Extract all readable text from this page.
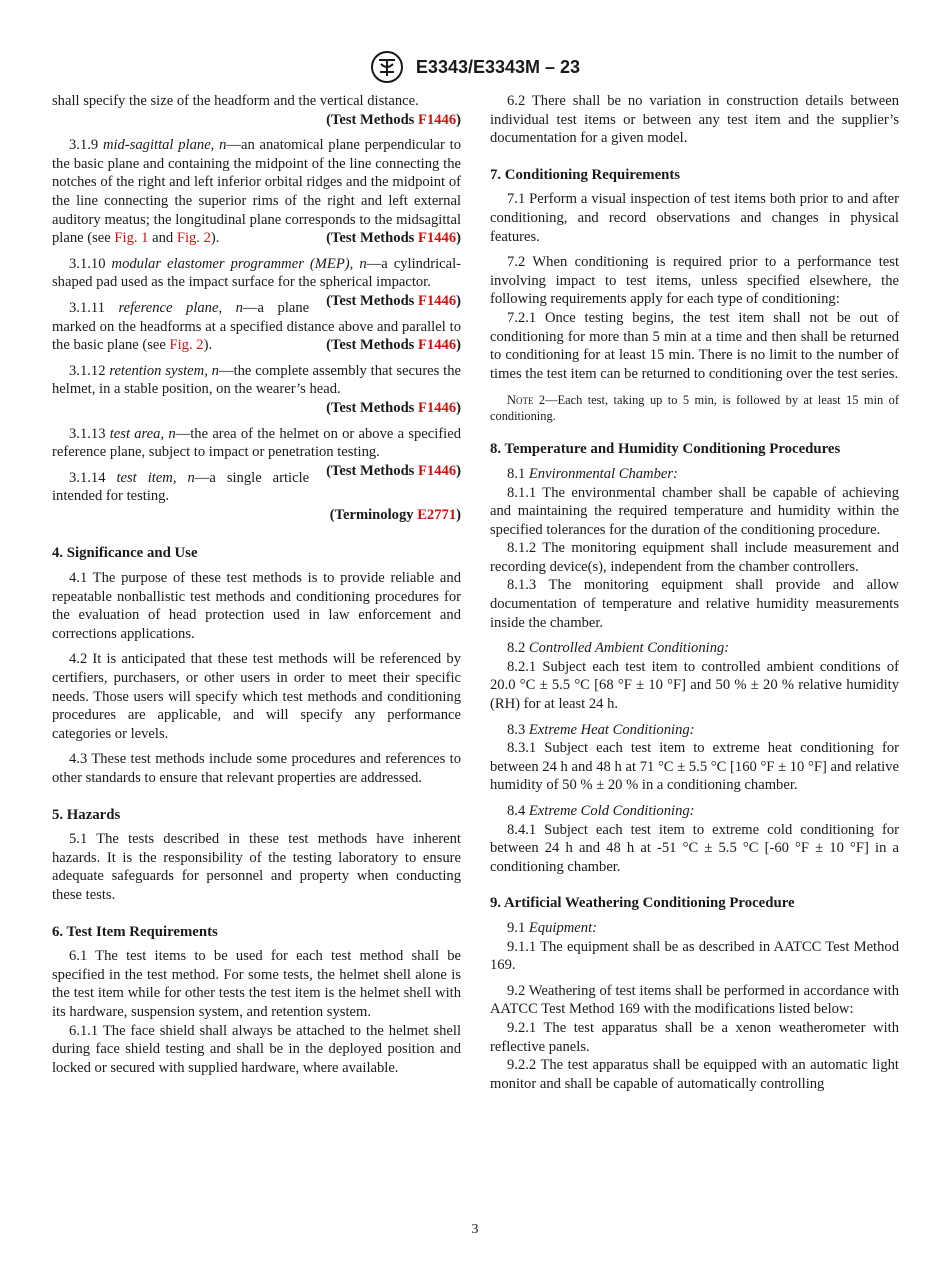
E3343/E3343M – 23
shall specify the size of the headform and the vertical distance.
(Test Methods F1446)
3.1.9 mid-sagittal plane, n—an anatomical plane perpendicular to the basic plane and containing the midpoint of the line connecting the notches of the right and left inferior orbital ridges and the midpoint of the line connecting the superior rims of the right and left external auditory meatus; the longitudinal plane corresponds to the midsagittal plane (see Fig. 1 and Fig. 2).	(Test Methods F1446)
3.1.10 modular elastomer programmer (MEP), n—a cylindrical-shaped pad used as the impact surface for the spherical impactor.
(Test Methods F1446)
3.1.11 reference plane, n—a plane marked on the headforms at a specified distance above and parallel to the basic plane (see Fig. 2).	(Test Methods F1446)
3.1.12 retention system, n—the complete assembly that secures the helmet, in a stable position, on the wearer’s head.
(Test Methods F1446)
3.1.13 test area, n—the area of the helmet on or above a specified reference plane, subject to impact or penetration testing.
(Test Methods F1446)
3.1.14 test item, n—a single article intended for testing.
(Terminology E2771)
4. Significance and Use
4.1 The purpose of these test methods is to provide reliable and repeatable nonballistic test methods and conditioning procedures for the evaluation of head protection used in law enforcement and corrections applications.
4.2 It is anticipated that these test methods will be referenced by certifiers, purchasers, or other users in order to meet their specific needs. Those users will specify which test methods and conditioning procedures are applicable, and will specify any performance categories or levels.
4.3 These test methods include some procedures and references to other standards to ensure that relevant properties are addressed.
5. Hazards
5.1 The tests described in these test methods have inherent hazards. It is the responsibility of the testing laboratory to ensure adequate safeguards for personnel and property when conducting these tests.
6. Test Item Requirements
6.1 The test items to be used for each test method shall be specified in the test method. For some tests, the helmet shell alone is the test item while for other tests the test item is the helmet shell with its hardware, suspension system, and retention system.
6.1.1 The face shield shall always be attached to the helmet shell during face shield testing and shall be in the deployed position and locked or secured with supplied hardware, where available.
6.2 There shall be no variation in construction details between individual test items or between any test item and the supplier’s documentation for a given model.
7. Conditioning Requirements
7.1 Perform a visual inspection of test items both prior to and after conditioning, and record observations and changes in physical features.
7.2 When conditioning is required prior to a performance test involving impact to test items, unless specified elsewhere, the following requirements apply for each type of conditioning:
7.2.1 Once testing begins, the test item shall not be out of conditioning for more than 5 min at a time and then shall be returned to conditioning for at least 15 min. There is no limit to the number of times the test item can be returned to conditioning over the test series.
Note 2—Each test, taking up to 5 min, is followed by at least 15 min of conditioning.
8. Temperature and Humidity Conditioning Procedures
8.1 Environmental Chamber:
8.1.1 The environmental chamber shall be capable of achieving and maintaining the required temperature and humidity within the specified tolerances for the duration of the conditioning procedure.
8.1.2 The monitoring equipment shall include measurement and recording device(s), independent from the chamber controllers.
8.1.3 The monitoring equipment shall provide and allow documentation of temperature and relative humidity measurements inside the chamber.
8.2 Controlled Ambient Conditioning:
8.2.1 Subject each test item to controlled ambient conditions of 20.0 °C ± 5.5 °C [68 °F ± 10 °F] and 50 % ± 20 % relative humidity (RH) for at least 24 h.
8.3 Extreme Heat Conditioning:
8.3.1 Subject each test item to extreme heat conditioning for between 24 h and 48 h at 71 °C ± 5.5 °C [160 °F ± 10 °F] and relative humidity of 50 % ± 20 % in a conditioning chamber.
8.4 Extreme Cold Conditioning:
8.4.1 Subject each test item to extreme cold conditioning for between 24 h and 48 h at -51 °C ± 5.5 °C [-60 °F ± 10 °F] in a conditioning chamber.
9. Artificial Weathering Conditioning Procedure
9.1 Equipment:
9.1.1 The equipment shall be as described in AATCC Test Method 169.
9.2 Weathering of test items shall be performed in accordance with AATCC Test Method 169 with the modifications listed below:
9.2.1 The test apparatus shall be a xenon weatherometer with reflective panels.
9.2.2 The test apparatus shall be equipped with an automatic light monitor and shall be capable of automatically controlling
3
